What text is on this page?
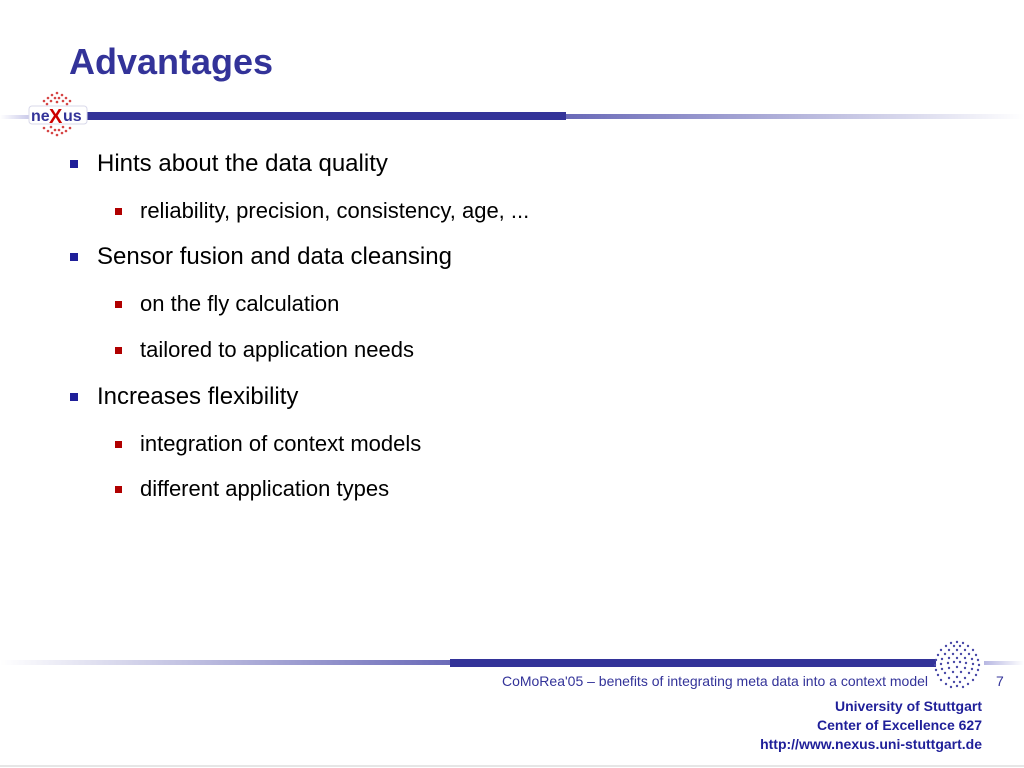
Advantages
ne X us
Hints about the data quality
reliability, precision, consistency, age, ...
Sensor fusion and data cleansing
on the fly calculation
tailored to application needs
Increases flexibility
integration of context models
different application types
CoMoRea'05 – benefits of integrating meta data into a context model	7
University of Stuttgart
Center of Excellence 627
http://www.nexus.uni-stuttgart.de
